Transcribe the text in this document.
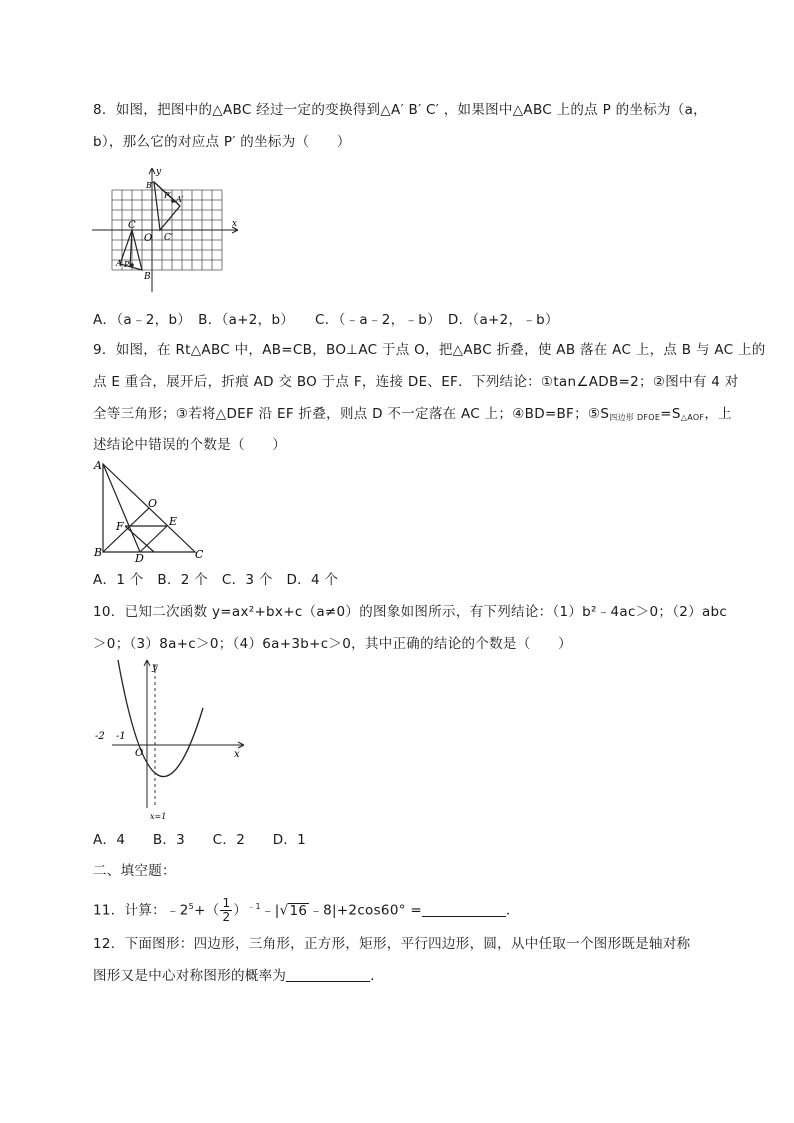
8．如图，把图中的△ABC 经过一定的变换得到△A′ B′ C′ ，如果图中△ABC 上的点 P 的坐标为（a，
b），那么它的对应点 P′ 的坐标为（　　）
y
x
O C′
C
A P
B
B′
P′ A′
A．（a﹣2，b）　B．（a+2，b）　　C．（﹣a﹣2，﹣b）　D．（a+2，﹣b）
9．如图，在 Rt△ABC 中，AB=CB，BO⊥AC 于点 O，把△ABC 折叠，使 AB 落在 AC 上，点 B 与 AC 上的
点 E 重合，展开后，折痕 AD 交 BO 于点 F，连接 DE、EF．下列结论：①tan∠ADB=2；②图中有 4 对
全等三角形；③若将△DEF 沿 EF 折叠，则点 D 不一定落在 AC 上；④BD=BF；$⑤S_{四边形 DFOE}=S_{\triangle AOF}$，上
述结论中错误的个数是（　　）
A
O
F	E
B	D	C
A．1 个　B．2 个　C．3 个　D．4 个
10．已知二次函数 y=ax²+bx+c（a≠0）的图象如图所示，有下列结论：（1）b²﹣4ac＞0；（2）abc
＞0；（3）8a+c＞0；（4）6a+3b+c＞0，其中正确的结论的个数是（　　）
y
x
O
-2 -1
x=1
A．4　　B．3　　C．2　　D．1
二、填空题：
11．计算：$﹣2^5+( \frac{1}{2}$ ）$^{﹣1}$﹣|√16 ﹣8|+2cos60° =	．
12．下面图形：四边形，三角形，正方形，矩形，平行四边形，圆，从中任取一个图形既是轴对称
图形又是中心对称图形的概率为	．
